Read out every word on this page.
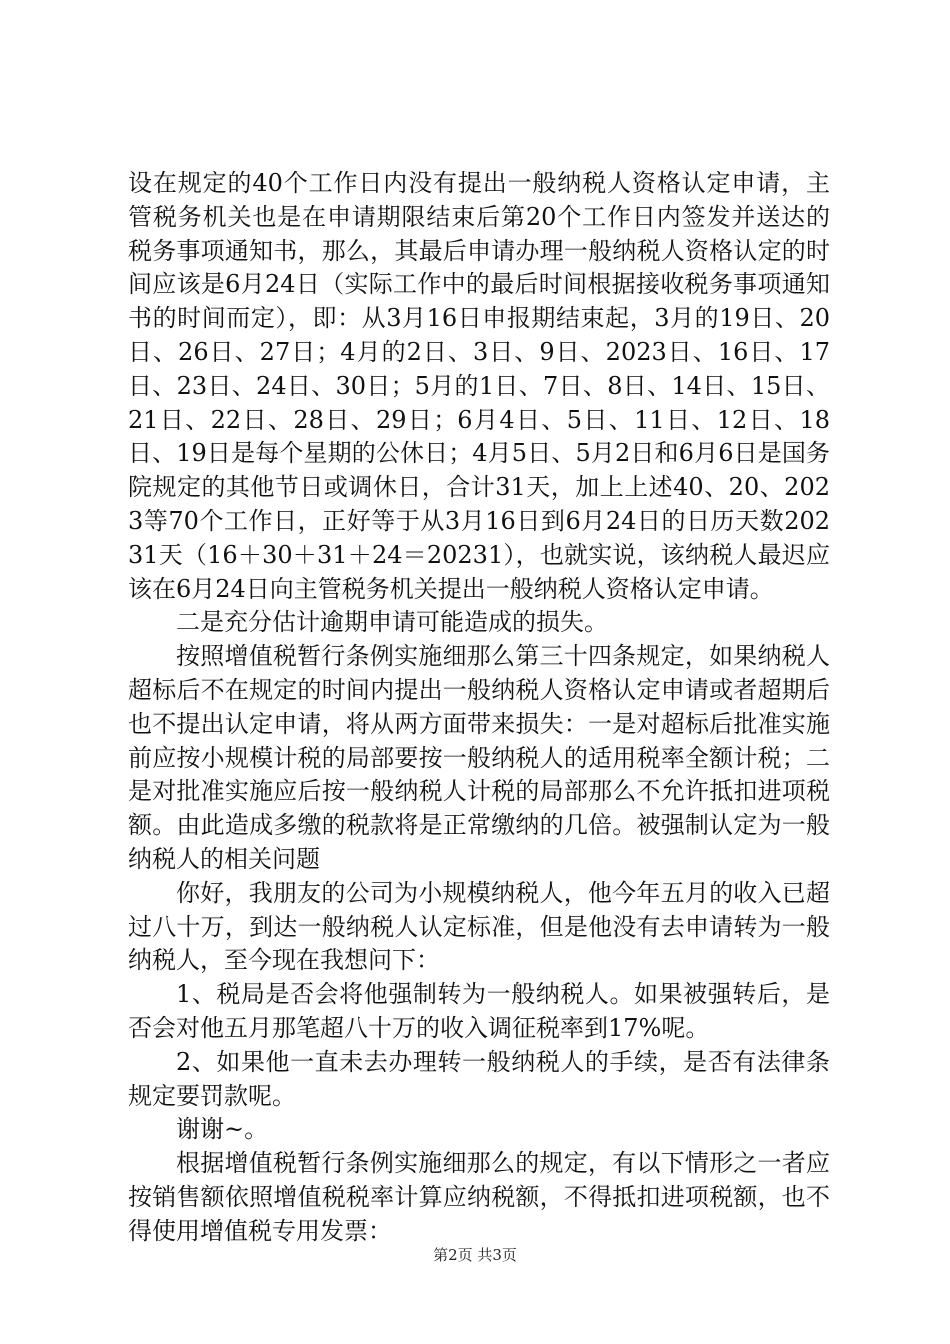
设在规定的40个工作日内没有提出一般纳税人资格认定申请，主管税务机关也是在申请期限结束后第20个工作日内签发并送达的税务事项通知书，那么，其最后申请办理一般纳税人资格认定的时间应该是6月24日（实际工作中的最后时间根据接收税务事项通知书的时间而定），即：从3月16日申报期结束起，3月的19日、20日、26日、27日；4月的2日、3日、9日、2023日、16日、17日、23日、24日、30日；5月的1日、7日、8日、14日、15日、21日、22日、28日、29日；6月4日、5日、11日、12日、18日、19日是每个星期的公休日；4月5日、5月2日和6月6日是国务院规定的其他节日或调休日，合计31天，加上上述40、20、2023等70个工作日，正好等于从3月16日到6月24日的日历天数20231天（16＋30＋31＋24＝20231），也就实说，该纳税人最迟应该在6月24日向主管税务机关提出一般纳税人资格认定申请。

二是充分估计逾期申请可能造成的损失。

按照增值税暂行条例实施细那么第三十四条规定，如果纳税人超标后不在规定的时间内提出一般纳税人资格认定申请或者超期后也不提出认定申请，将从两方面带来损失：一是对超标后批准实施前应按小规模计税的局部要按一般纳税人的适用税率全额计税；二是对批准实施应后按一般纳税人计税的局部那么不允许抵扣进项税额。由此造成多缴的税款将是正常缴纳的几倍。被强制认定为一般纳税人的相关问题

你好，我朋友的公司为小规模纳税人，他今年五月的收入已超过八十万，到达一般纳税人认定标准，但是他没有去申请转为一般纳税人，至今现在我想问下：

1、税局是否会将他强制转为一般纳税人。如果被强转后，是否会对他五月那笔超八十万的收入调征税率到17%呢。

2、如果他一直未去办理转一般纳税人的手续，是否有法律条规定要罚款呢。

谢谢~。

根据增值税暂行条例实施细那么的规定，有以下情形之一者应按销售额依照增值税税率计算应纳税额，不得抵扣进项税额，也不得使用增值税专用发票：

第2页 共3页
